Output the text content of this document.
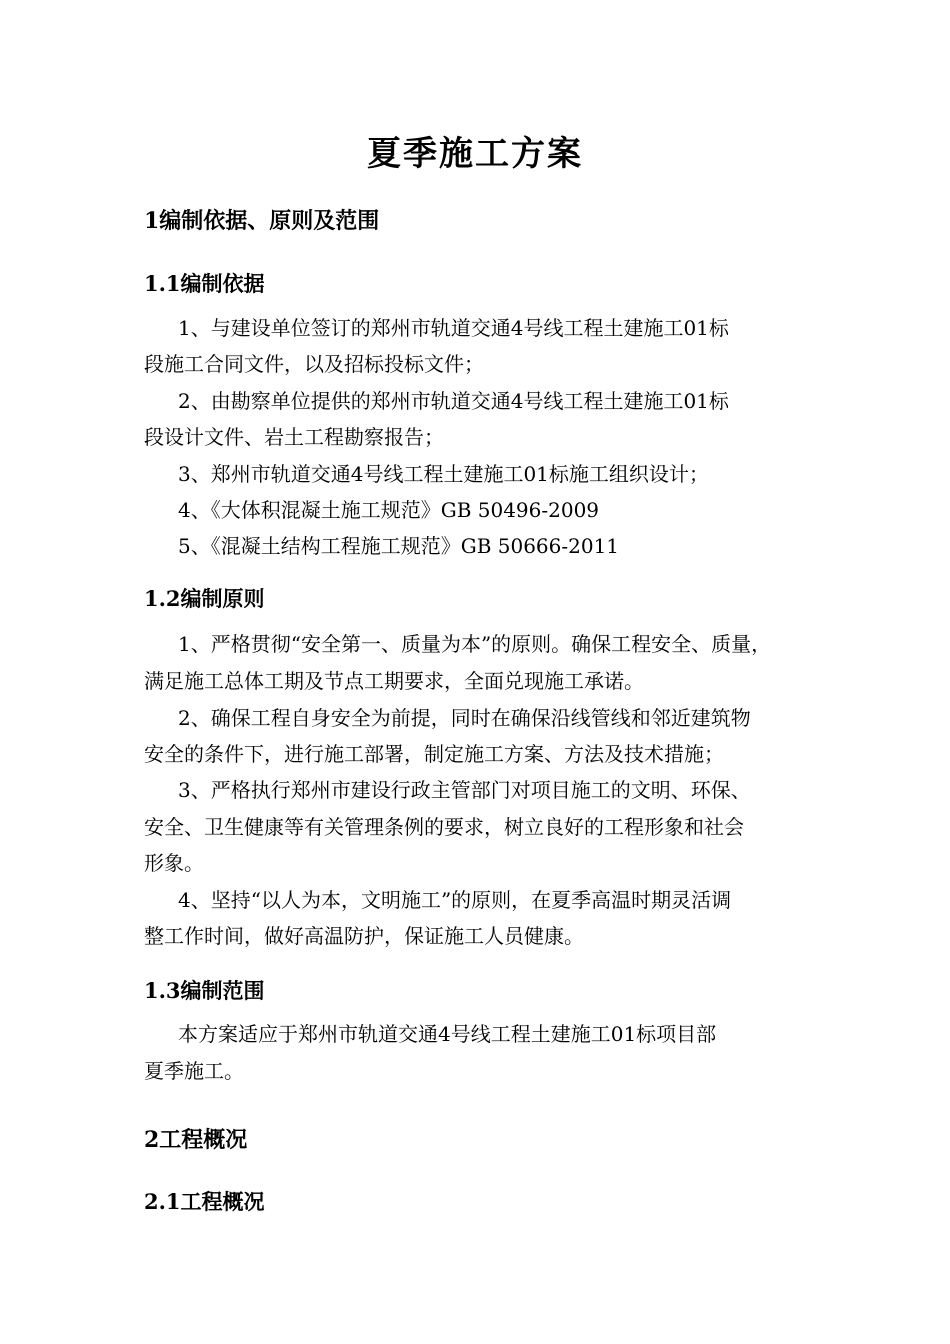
夏季施工方案
1编制依据、原则及范围
1.1编制依据
1、与建设单位签订的郑州市轨道交通4号线工程土建施工01标
段施工合同文件，以及招标投标文件；
2、由勘察单位提供的郑州市轨道交通4号线工程土建施工01标
段设计文件、岩土工程勘察报告；
3、郑州市轨道交通4号线工程土建施工01标施工组织设计；
4、《大体积混凝土施工规范》GB 50496-2009
5、《混凝土结构工程施工规范》GB 50666-2011
1.2编制原则
1、严格贯彻“安全第一、质量为本”的原则。确保工程安全、质量，
满足施工总体工期及节点工期要求，全面兑现施工承诺。
2、确保工程自身安全为前提，同时在确保沿线管线和邻近建筑物
安全的条件下，进行施工部署，制定施工方案、方法及技术措施；
3、严格执行郑州市建设行政主管部门对项目施工的文明、环保、
安全、卫生健康等有关管理条例的要求，树立良好的工程形象和社会
形象。
4、坚持“以人为本，文明施工”的原则，在夏季高温时期灵活调
整工作时间，做好高温防护，保证施工人员健康。
1.3编制范围
本方案适应于郑州市轨道交通4号线工程土建施工01标项目部
夏季施工。
2工程概况
2.1工程概况
